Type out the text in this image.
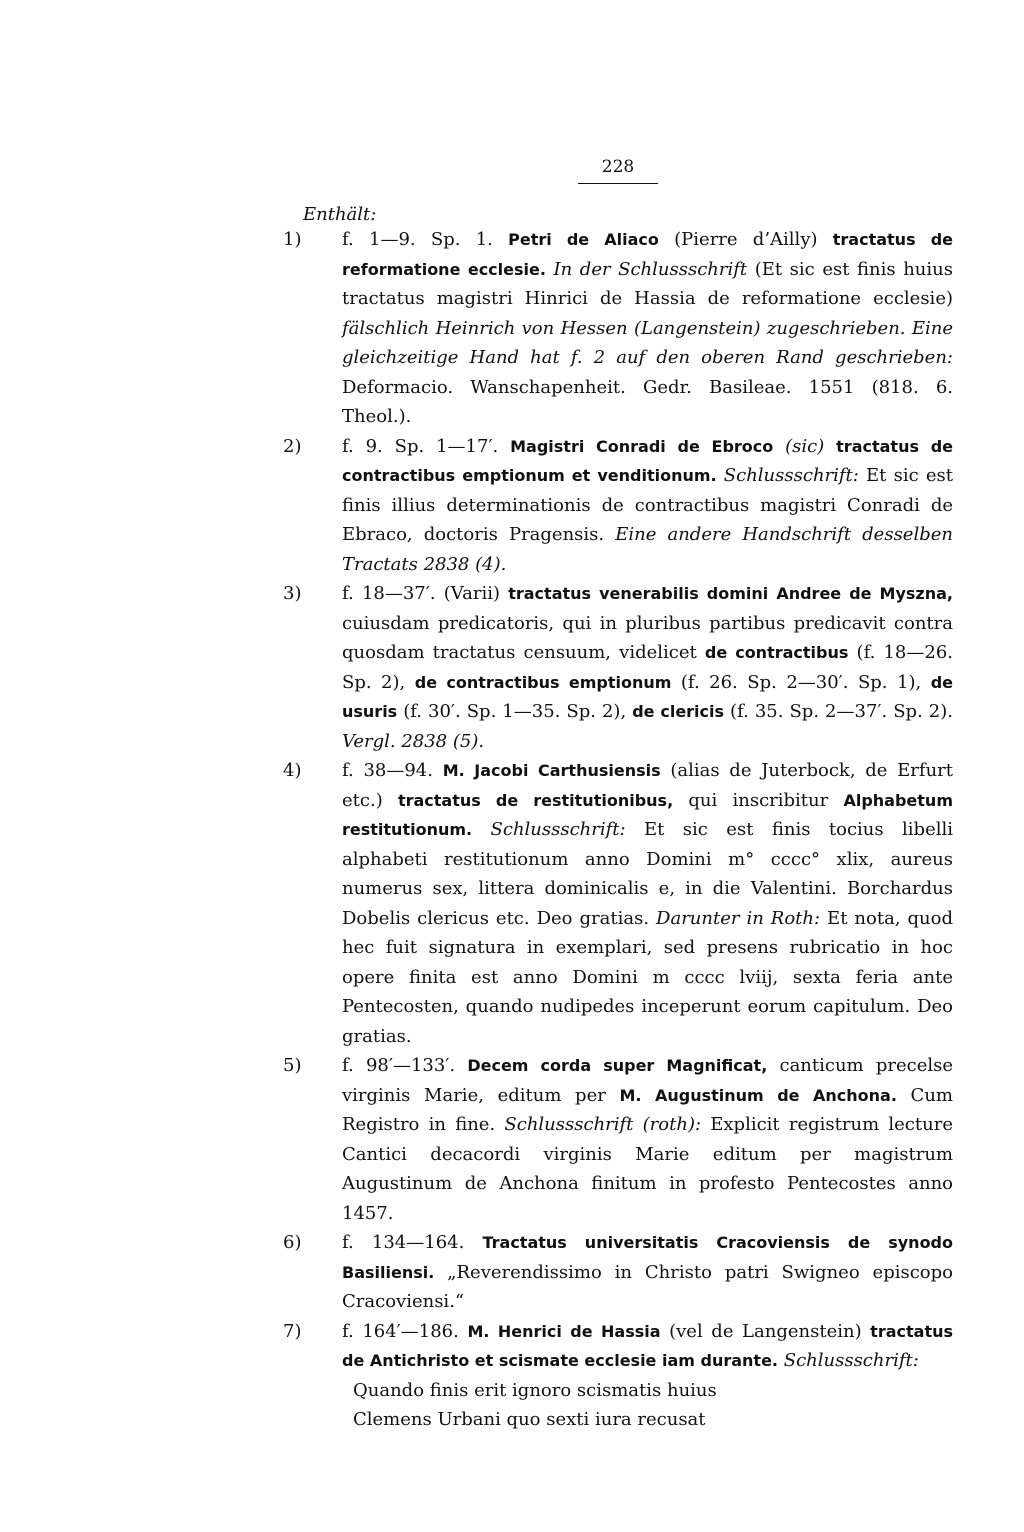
228
Enthält:
1)	f. 1—9. Sp. 1. Petri de Aliaco (Pierre d’Ailly) tractatus de reformatione ecclesie. In der Schlussschrift (Et sic est finis huius tractatus magistri Hinrici de Hassia de reformatione ecclesie) fälschlich Heinrich von Hessen (Langenstein) zugeschrieben. Eine gleichzeitige Hand hat f. 2 auf den oberen Rand geschrieben: Deformacio. Wanschapenheit. Gedr. Basileae. 1551 (818. 6. Theol.).
2)	f. 9. Sp. 1—17′. Magistri Conradi de Ebroco (sic) tractatus de contractibus emptionum et venditionum. Schlussschrift: Et sic est finis illius determinationis de contractibus magistri Conradi de Ebraco, doctoris Pragensis. Eine andere Handschrift desselben Tractats 2838 (4).
3)	f. 18—37′. (Varii) tractatus venerabilis domini Andree de Myszna, cuiusdam predicatoris, qui in pluribus partibus predicavit contra quosdam tractatus censuum, videlicet de contractibus (f. 18—26. Sp. 2), de contractibus emptionum (f. 26. Sp. 2—30′. Sp. 1), de usuris (f. 30′. Sp. 1—35. Sp. 2), de clericis (f. 35. Sp. 2—37′. Sp. 2). Vergl. 2838 (5).
4)	f. 38—94. M. Jacobi Carthusiensis (alias de Juterbock, de Erfurt etc.) tractatus de restitutionibus, qui inscribitur Alphabetum restitutionum. Schlussschrift: Et sic est finis tocius libelli alphabeti restitutionum anno Domini m° cccc° xlix, aureus numerus sex, littera dominicalis e, in die Valentini. Borchardus Dobelis clericus etc. Deo gratias. Darunter in Roth: Et nota, quod hec fuit signatura in exemplari, sed presens rubricatio in hoc opere finita est anno Domini m cccc lviij, sexta feria ante Pentecosten, quando nudipedes inceperunt eorum capitulum. Deo gratias.
5)	f. 98′—133′. Decem corda super Magnificat, canticum precelse virginis Marie, editum per M. Augustinum de Anchona. Cum Registro in fine. Schlussschrift (roth): Explicit registrum lecture Cantici decacordi virginis Marie editum per magistrum Augustinum de Anchona finitum in profesto Pentecostes anno 1457.
6)	f. 134—164. Tractatus universitatis Cracoviensis de synodo Basiliensi. „Reverendissimo in Christo patri Swigneo episcopo Cracoviensi.“
7)	f. 164′—186. M. Henrici de Hassia (vel de Langenstein) tractatus de Antichristo et scismate ecclesie iam durante. Schlussschrift:
Quando finis erit ignoro scismatis huius
Clemens Urbani quo sexti iura recusat
